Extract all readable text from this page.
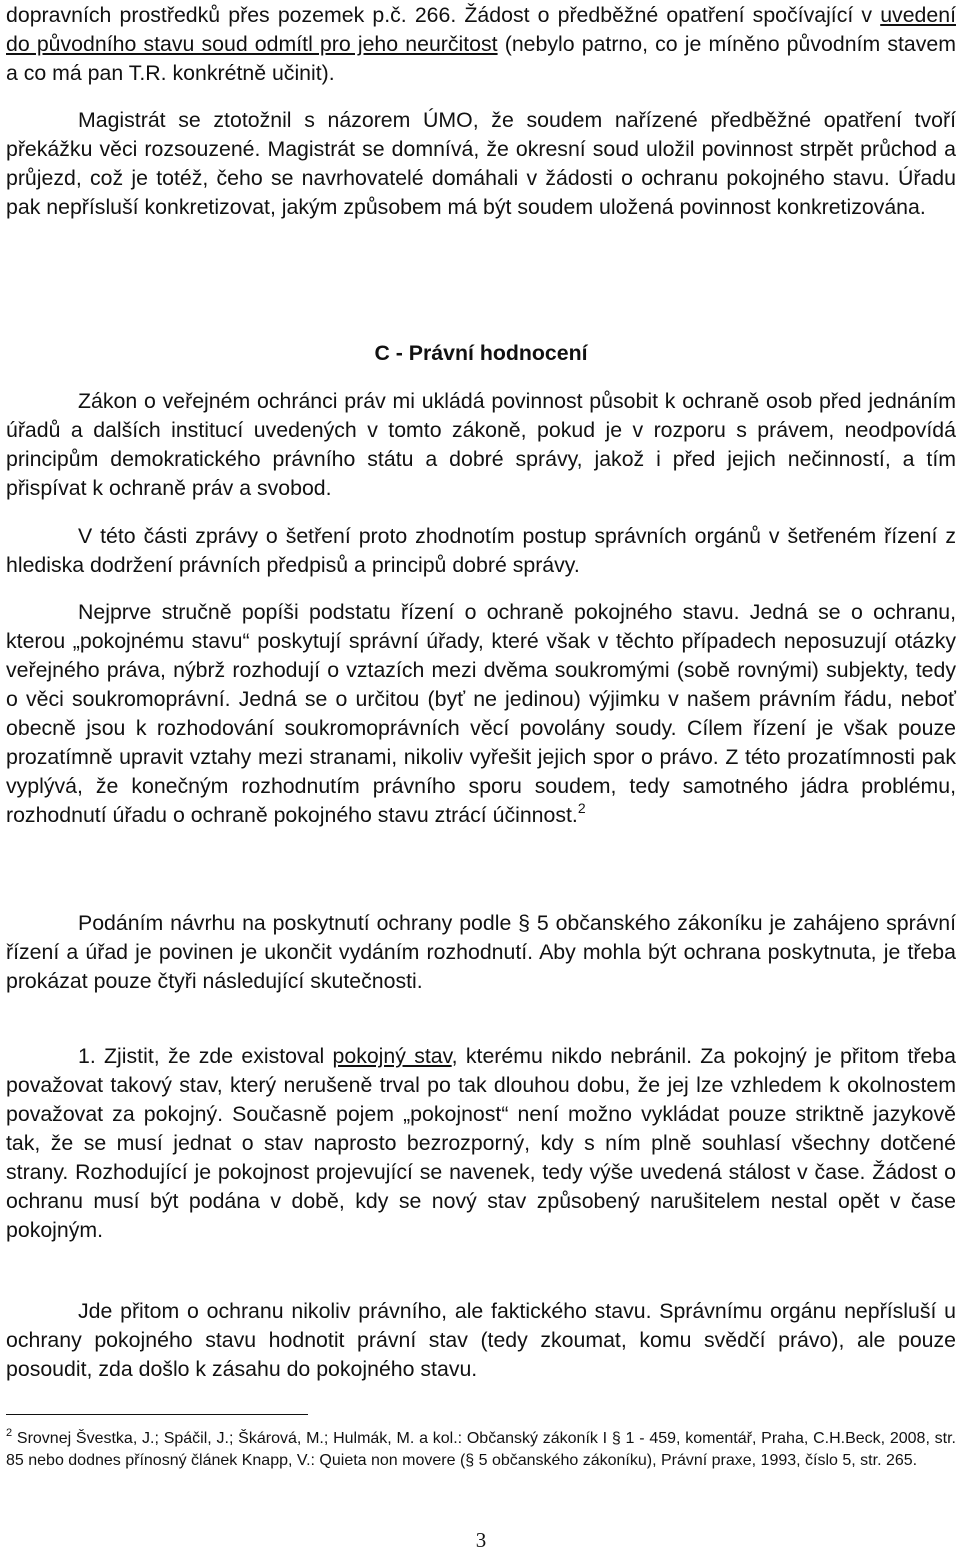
dopravních prostředků přes pozemek p.č. 266. Žádost o předběžné opatření spočívající v uvedení do původního stavu soud odmítl pro jeho neurčitost (nebylo patrno, co je míněno původním stavem a co má pan T.R. konkrétně učinit).

Magistrát se ztotožnil s názorem ÚMO, že soudem nařízené předběžné opatření tvoří překážku věci rozsouzené. Magistrát se domnívá, že okresní soud uložil povinnost strpět průchod a průjezd, což je totéž, čeho se navrhovatelé domáhali v žádosti o ochranu pokojného stavu. Úřadu pak nepřísluší konkretizovat, jakým způsobem má být soudem uložená povinnost konkretizována.

C - Právní hodnocení

Zákon o veřejném ochránci práv mi ukládá povinnost působit k ochraně osob před jednáním úřadů a dalších institucí uvedených v tomto zákoně, pokud je v rozporu s právem, neodpovídá principům demokratického právního státu a dobré správy, jakož i před jejich nečinností, a tím přispívat k ochraně práv a svobod.

V této části zprávy o šetření proto zhodnotím postup správních orgánů v šetřeném řízení z hlediska dodržení právních předpisů a principů dobré správy.

Nejprve stručně popíši podstatu řízení o ochraně pokojného stavu. Jedná se o ochranu, kterou „pokojnému stavu“ poskytují správní úřady, které však v těchto případech neposuzují otázky veřejného práva, nýbrž rozhodují o vztazích mezi dvěma soukromými (sobě rovnými) subjekty, tedy o věci soukromoprávní. Jedná se o určitou (byť ne jedinou) výjimku v našem právním řádu, neboť obecně jsou k rozhodování soukromoprávních věcí povolány soudy. Cílem řízení je však pouze prozatímně upravit vztahy mezi stranami, nikoliv vyřešit jejich spor o právo. Z této prozatímnosti pak vyplývá, že konečným rozhodnutím právního sporu soudem, tedy samotného jádra problému, rozhodnutí úřadu o ochraně pokojného stavu ztrácí účinnost.$^2$

Podáním návrhu na poskytnutí ochrany podle § 5 občanského zákoníku je zahájeno správní řízení a úřad je povinen je ukončit vydáním rozhodnutí. Aby mohla být ochrana poskytnuta, je třeba prokázat pouze čtyři následující skutečnosti.

1. Zjistit, že zde existoval pokojný stav, kterému nikdo nebránil. Za pokojný je přitom třeba považovat takový stav, který nerušeně trval po tak dlouhou dobu, že jej lze vzhledem k okolnostem považovat za pokojný. Současně pojem „pokojnost“ není možno vykládat pouze striktně jazykově tak, že se musí jednat o stav naprosto bezrozporný, kdy s ním plně souhlasí všechny dotčené strany. Rozhodující je pokojnost projevující se navenek, tedy výše uvedená stálost v čase. Žádost o ochranu musí být podána v době, kdy se nový stav způsobený narušitelem nestal opět v čase pokojným.

Jde přitom o ochranu nikoliv právního, ale faktického stavu. Správnímu orgánu nepřísluší u ochrany pokojného stavu hodnotit právní stav (tedy zkoumat, komu svědčí právo), ale pouze posoudit, zda došlo k zásahu do pokojného stavu.

$^2$ Srovnej Švestka, J.; Spáčil, J.; Škárová, M.; Hulmák, M. a kol.: Občanský zákoník I § 1 - 459, komentář, Praha, C.H.Beck, 2008, str. 85 nebo dodnes přínosný článek Knapp, V.: Quieta non movere (§ 5 občanského zákoníku), Právní praxe, 1993, číslo 5, str. 265.

3
